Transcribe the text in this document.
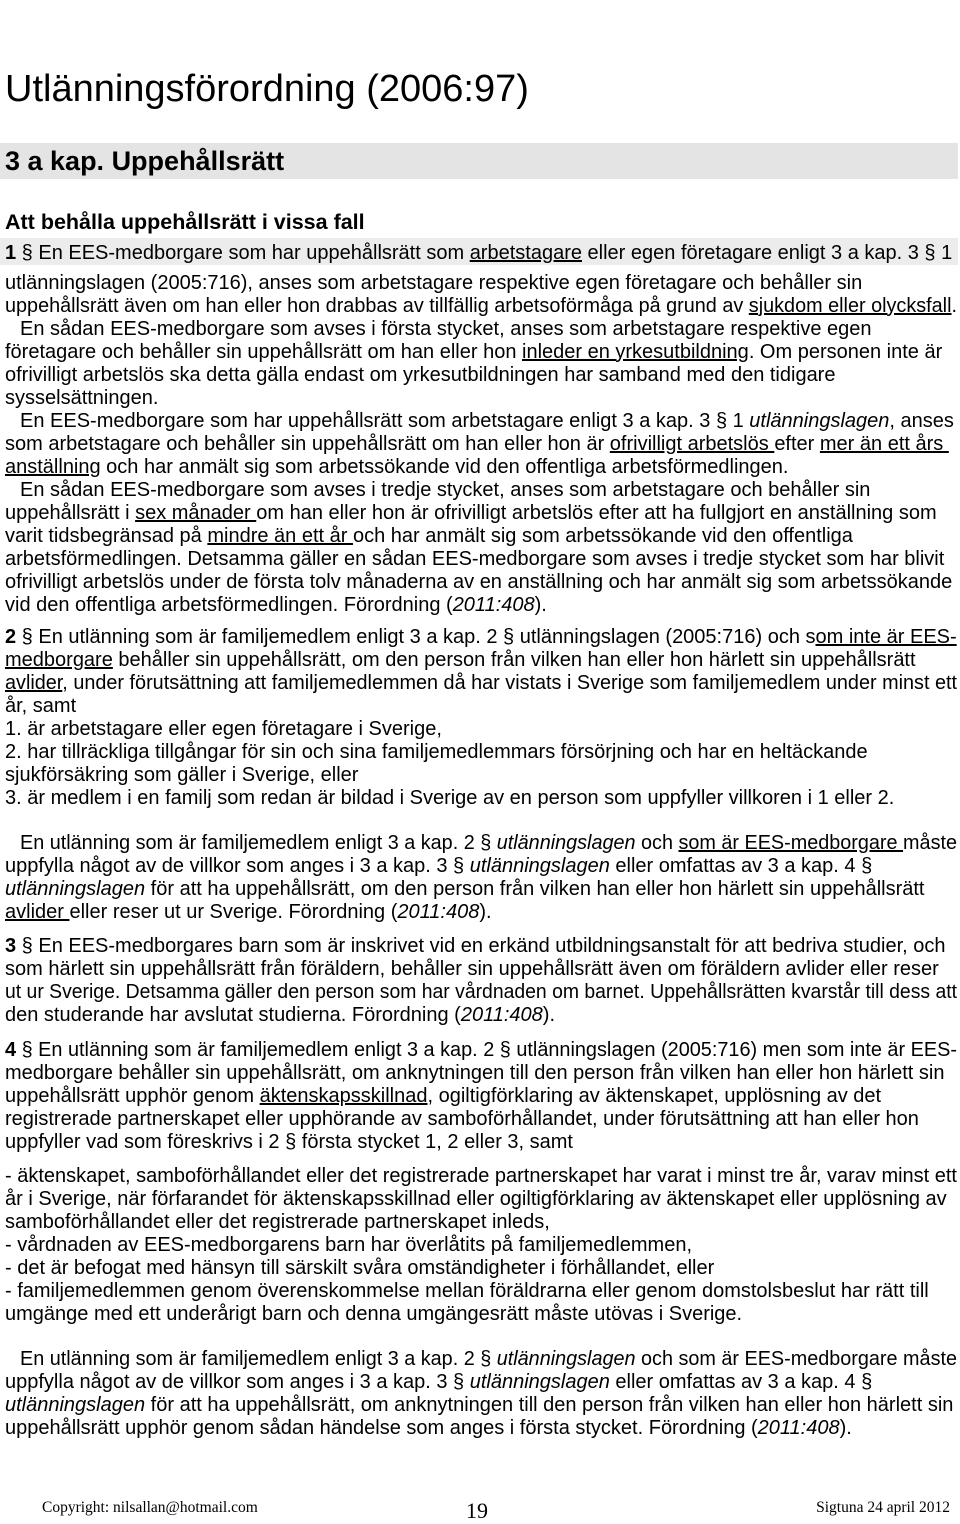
Utlänningsförordning (2006:97)
3 a kap. Uppehållsrätt
Att behålla uppehållsrätt i vissa fall
1 § En EES-medborgare som har uppehållsrätt som arbetstagare eller egen företagare enligt 3 a kap. 3 § 1
utlänningslagen (2005:716), anses som arbetstagare respektive egen företagare och behåller sin
uppehållsrätt även om han eller hon drabbas av tillfällig arbetsoförmåga på grund av sjukdom eller olycksfall.
En sådan EES-medborgare som avses i första stycket, anses som arbetstagare respektive egen
företagare och behåller sin uppehållsrätt om han eller hon inleder en yrkesutbildning. Om personen inte är
ofrivilligt arbetslös ska detta gälla endast om yrkesutbildningen har samband med den tidigare
sysselsättningen.
En EES-medborgare som har uppehållsrätt som arbetstagare enligt 3 a kap. 3 § 1 utlänningslagen, anses
som arbetstagare och behåller sin uppehållsrätt om han eller hon är ofrivilligt arbetslös efter mer än ett års
anställning och har anmält sig som arbetssökande vid den offentliga arbetsförmedlingen.
En sådan EES-medborgare som avses i tredje stycket, anses som arbetstagare och behåller sin
uppehållsrätt i sex månader om han eller hon är ofrivilligt arbetslös efter att ha fullgjort en anställning som
varit tidsbegränsad på mindre än ett år och har anmält sig som arbetssökande vid den offentliga
arbetsförmedlingen. Detsamma gäller en sådan EES-medborgare som avses i tredje stycket som har blivit
ofrivilligt arbetslös under de första tolv månaderna av en anställning och har anmält sig som arbetssökande
vid den offentliga arbetsförmedlingen. Förordning (2011:408).
2 § En utlänning som är familjemedlem enligt 3 a kap. 2 § utlänningslagen (2005:716) och som inte är EES-
medborgare behåller sin uppehållsrätt, om den person från vilken han eller hon härlett sin uppehållsrätt
avlider, under förutsättning att familjemedlemmen då har vistats i Sverige som familjemedlem under minst ett
år, samt
1. är arbetstagare eller egen företagare i Sverige,
2. har tillräckliga tillgångar för sin och sina familjemedlemmars försörjning och har en heltäckande
sjukförsäkring som gäller i Sverige, eller
3. är medlem i en familj som redan är bildad i Sverige av en person som uppfyller villkoren i 1 eller 2.
En utlänning som är familjemedlem enligt 3 a kap. 2 § utlänningslagen och som är EES-medborgare måste
uppfylla något av de villkor som anges i 3 a kap. 3 § utlänningslagen eller omfattas av 3 a kap. 4 §
utlänningslagen för att ha uppehållsrätt, om den person från vilken han eller hon härlett sin uppehållsrätt
avlider eller reser ut ur Sverige. Förordning (2011:408).
3 § En EES-medborgares barn som är inskrivet vid en erkänd utbildningsanstalt för att bedriva studier, och
som härlett sin uppehållsrätt från föräldern, behåller sin uppehållsrätt även om föräldern avlider eller reser
ut ur Sverige. Detsamma gäller den person som har vårdnaden om barnet. Uppehållsrätten kvarstår till dess att
den studerande har avslutat studierna. Förordning (2011:408).
4 § En utlänning som är familjemedlem enligt 3 a kap. 2 § utlänningslagen (2005:716) men som inte är EES-
medborgare behåller sin uppehållsrätt, om anknytningen till den person från vilken han eller hon härlett sin
uppehållsrätt upphör genom äktenskapsskillnad, ogiltigförklaring av äktenskapet, upplösning av det
registrerade partnerskapet eller upphörande av samboförhållandet, under förutsättning att han eller hon
uppfyller vad som föreskrivs i 2 § första stycket 1, 2 eller 3, samt
- äktenskapet, samboförhållandet eller det registrerade partnerskapet har varat i minst tre år, varav minst ett
år i Sverige, när förfarandet för äktenskapsskillnad eller ogiltigförklaring av äktenskapet eller upplösning av
samboförhållandet eller det registrerade partnerskapet inleds,
- vårdnaden av EES-medborgarens barn har överlåtits på familjemedlemmen,
- det är befogat med hänsyn till särskilt svåra omständigheter i förhållandet, eller
- familjemedlemmen genom överenskommelse mellan föräldrarna eller genom domstolsbeslut har rätt till
umgänge med ett underårigt barn och denna umgängesrätt måste utövas i Sverige.
En utlänning som är familjemedlem enligt 3 a kap. 2 § utlänningslagen och som är EES-medborgare måste
uppfylla något av de villkor som anges i 3 a kap. 3 § utlänningslagen eller omfattas av 3 a kap. 4 §
utlänningslagen för att ha uppehållsrätt, om anknytningen till den person från vilken han eller hon härlett sin
uppehållsrätt upphör genom sådan händelse som anges i första stycket. Förordning (2011:408).
Copyright: nilsallan@hotmail.com	19	Sigtuna 24 april 2012
